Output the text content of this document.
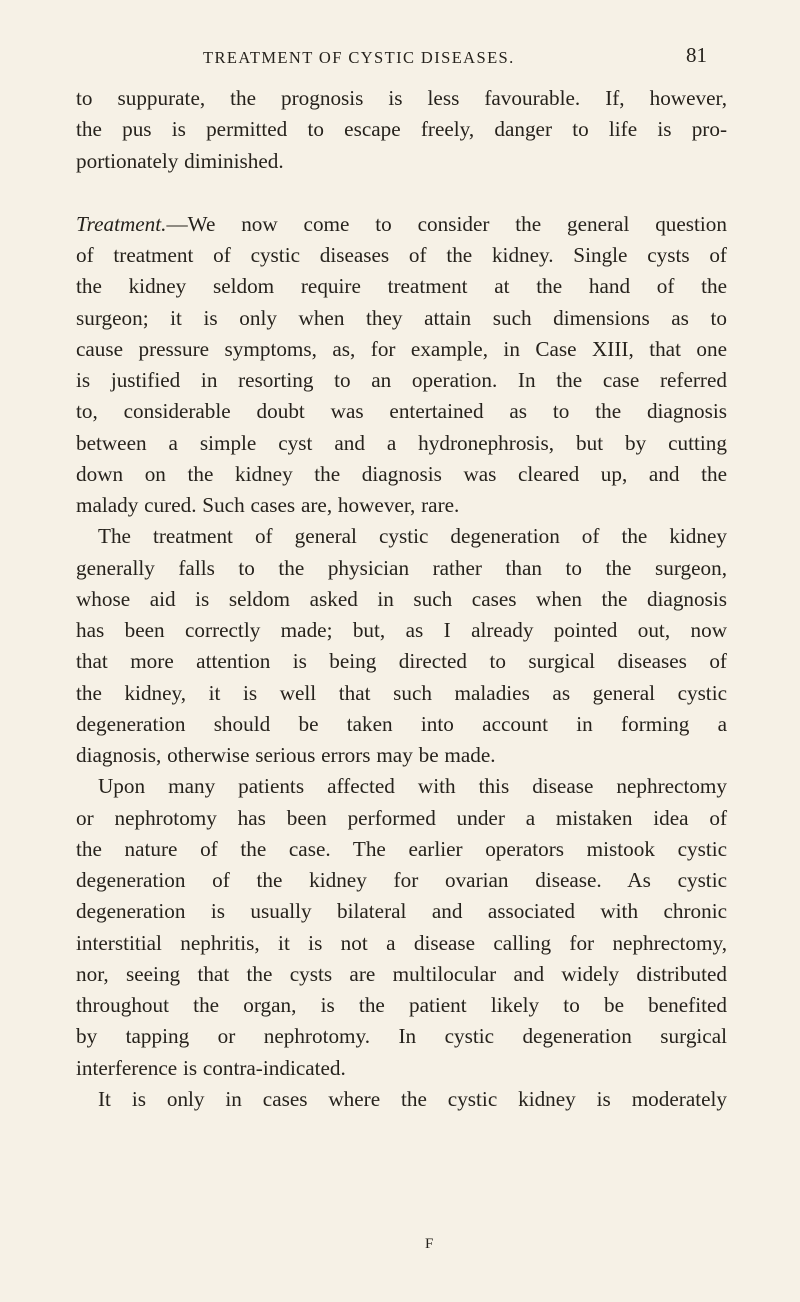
TREATMENT OF CYSTIC DISEASES.	81
to suppurate, the prognosis is less favourable. If, however,
the pus is permitted to escape freely, danger to life is pro-
portionately diminished.
Treatment.—We now come to consider the general question
of treatment of cystic diseases of the kidney. Single cysts of
the kidney seldom require treatment at the hand of the
surgeon; it is only when they attain such dimensions as to
cause pressure symptoms, as, for example, in Case XIII, that one
is justified in resorting to an operation. In the case referred
to, considerable doubt was entertained as to the diagnosis
between a simple cyst and a hydronephrosis, but by cutting
down on the kidney the diagnosis was cleared up, and the
malady cured. Such cases are, however, rare.
The treatment of general cystic degeneration of the kidney
generally falls to the physician rather than to the surgeon,
whose aid is seldom asked in such cases when the diagnosis
has been correctly made; but, as I already pointed out, now
that more attention is being directed to surgical diseases of
the kidney, it is well that such maladies as general cystic
degeneration should be taken into account in forming a
diagnosis, otherwise serious errors may be made.
Upon many patients affected with this disease nephrectomy
or nephrotomy has been performed under a mistaken idea of
the nature of the case. The earlier operators mistook cystic
degeneration of the kidney for ovarian disease. As cystic
degeneration is usually bilateral and associated with chronic
interstitial nephritis, it is not a disease calling for nephrectomy,
nor, seeing that the cysts are multilocular and widely distributed
throughout the organ, is the patient likely to be benefited
by tapping or nephrotomy. In cystic degeneration surgical
interference is contra-indicated.
It is only in cases where the cystic kidney is moderately
F
